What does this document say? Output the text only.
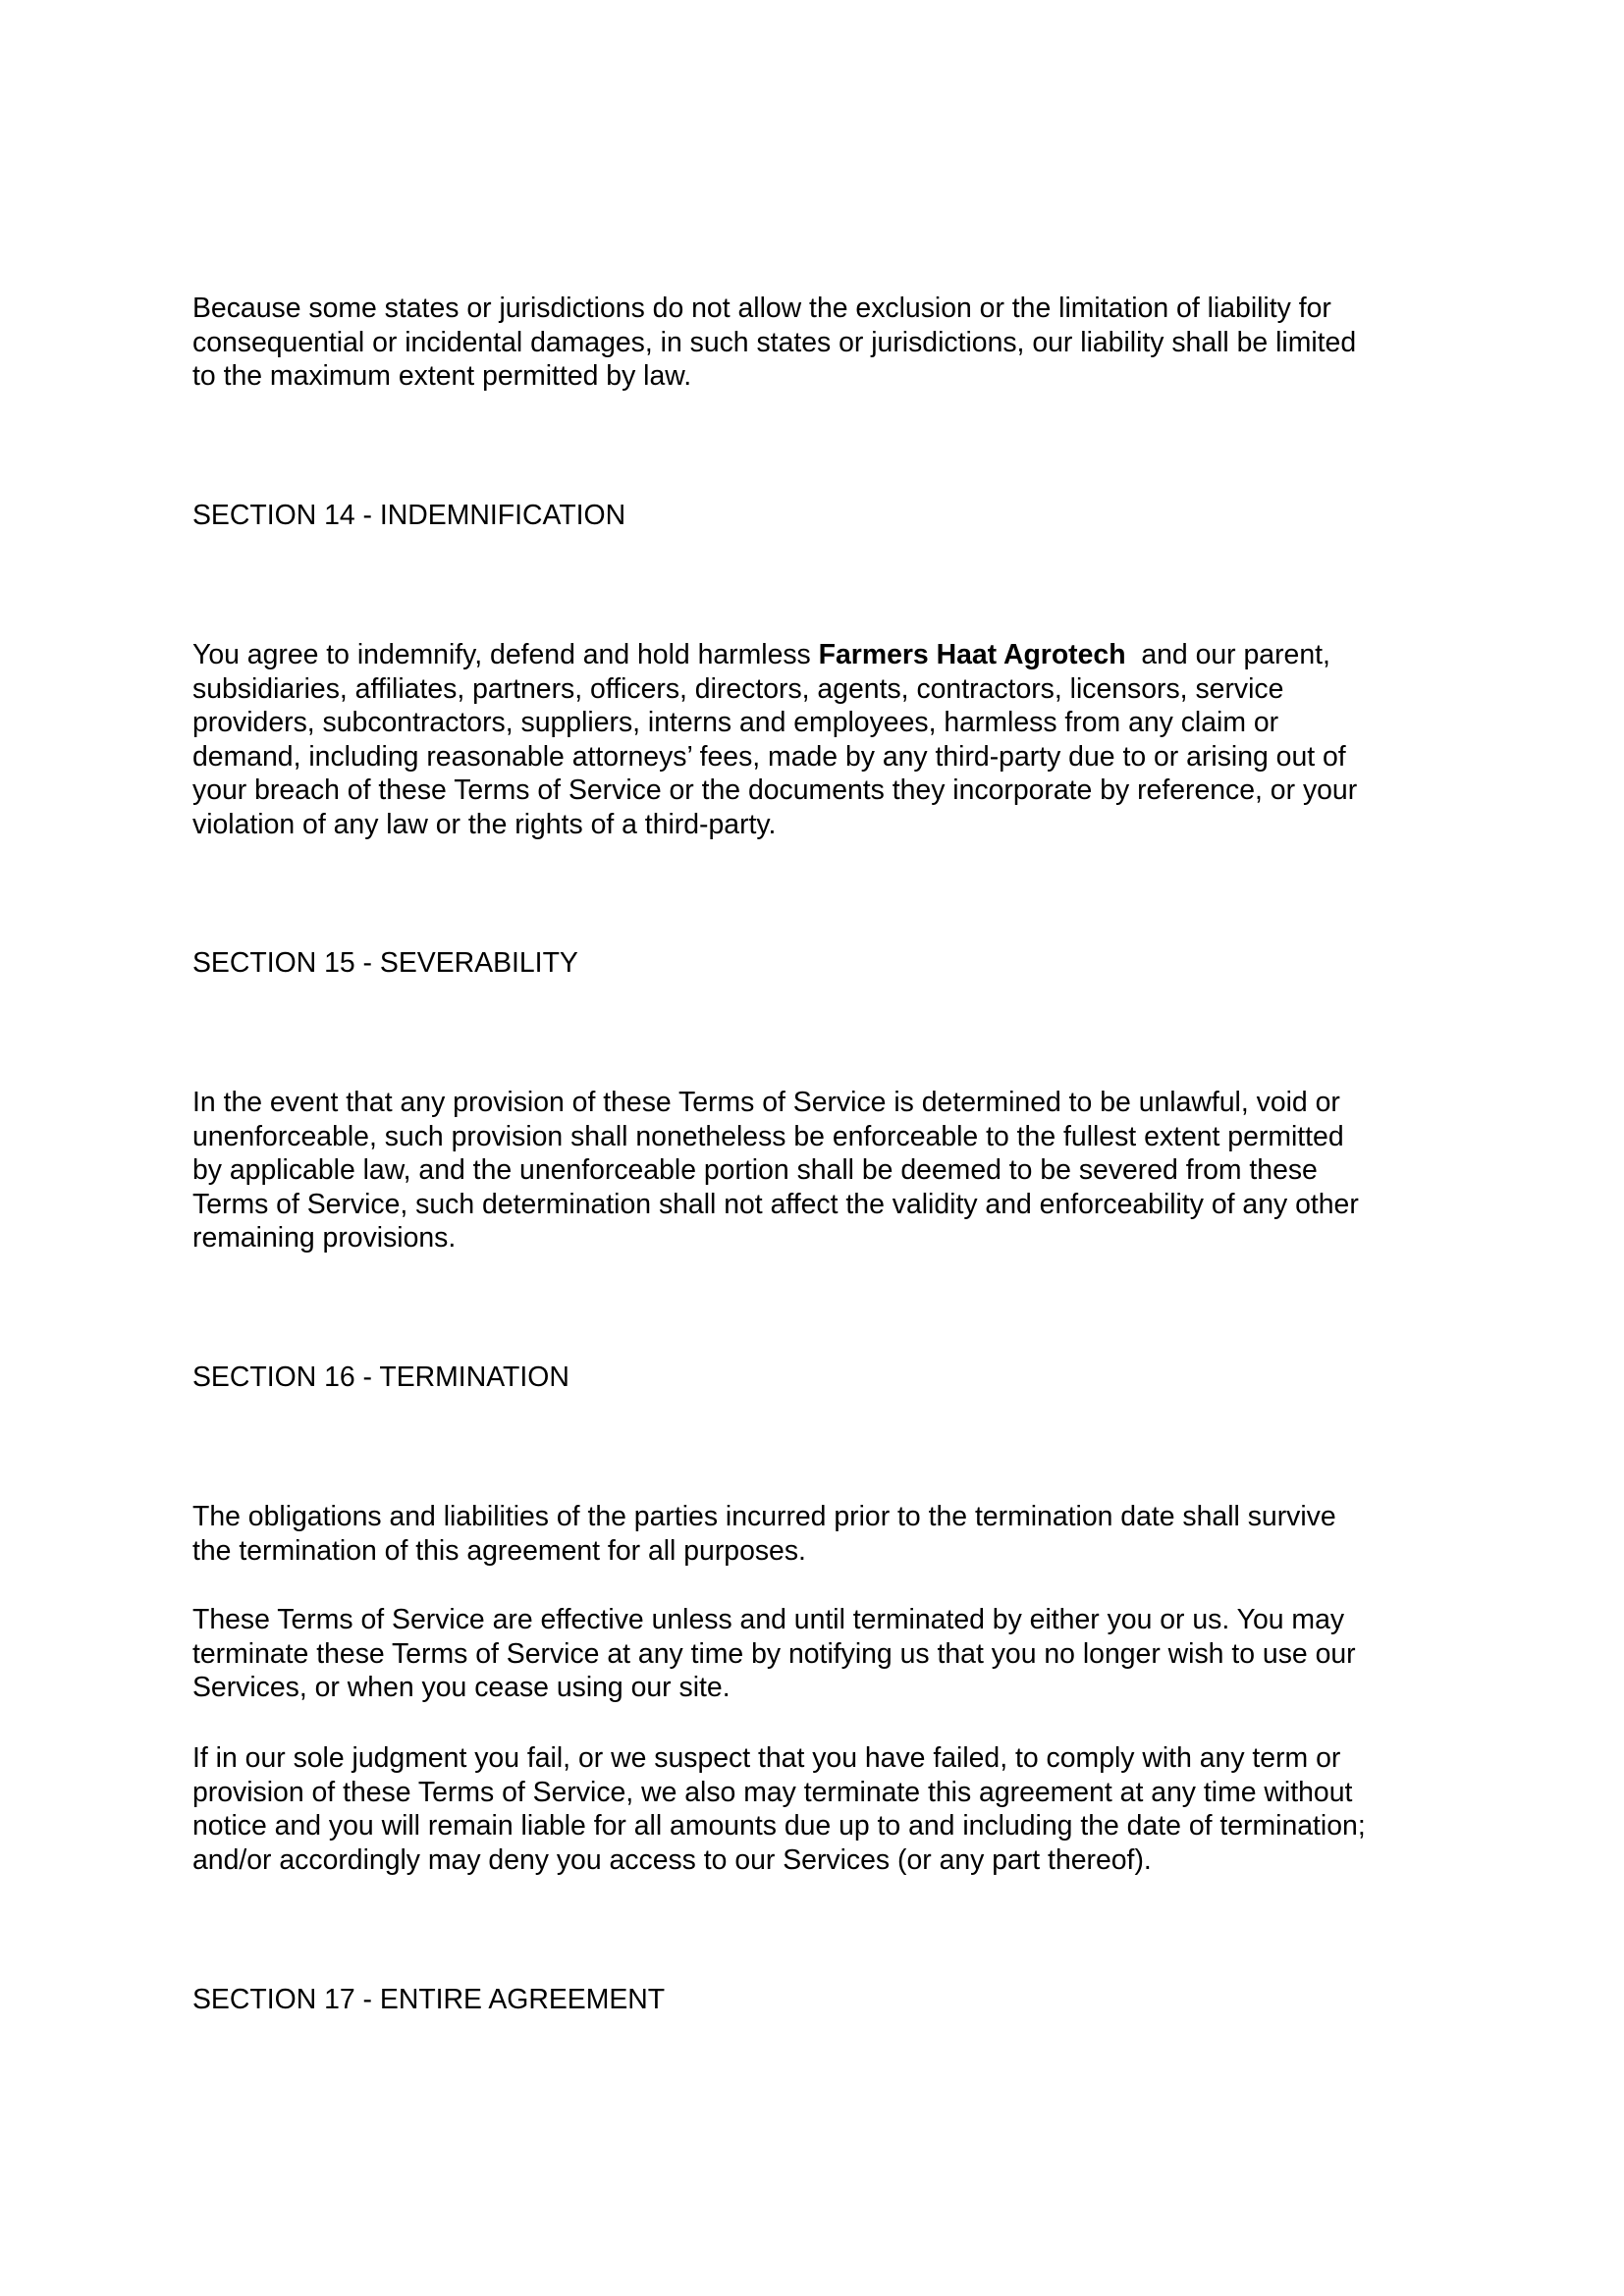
Because some states or jurisdictions do not allow the exclusion or the limitation of liability for

consequential or incidental damages, in such states or jurisdictions, our liability shall be limited

to the maximum extent permitted by law.

SECTION 14 - INDEMNIFICATION

You agree to indemnify, defend and hold harmless Farmers Haat Agrotech  and our parent,

subsidiaries, affiliates, partners, officers, directors, agents, contractors, licensors, service

providers, subcontractors, suppliers, interns and employees, harmless from any claim or

demand, including reasonable attorneys’ fees, made by any third-party due to or arising out of

your breach of these Terms of Service or the documents they incorporate by reference, or your

violation of any law or the rights of a third-party.

SECTION 15 - SEVERABILITY

In the event that any provision of these Terms of Service is determined to be unlawful, void or

unenforceable, such provision shall nonetheless be enforceable to the fullest extent permitted

by applicable law, and the unenforceable portion shall be deemed to be severed from these

Terms of Service, such determination shall not affect the validity and enforceability of any other

remaining provisions.

SECTION 16 - TERMINATION

The obligations and liabilities of the parties incurred prior to the termination date shall survive

the termination of this agreement for all purposes.

These Terms of Service are effective unless and until terminated by either you or us. You may

terminate these Terms of Service at any time by notifying us that you no longer wish to use our

Services, or when you cease using our site.

If in our sole judgment you fail, or we suspect that you have failed, to comply with any term or

provision of these Terms of Service, we also may terminate this agreement at any time without

notice and you will remain liable for all amounts due up to and including the date of termination;

and/or accordingly may deny you access to our Services (or any part thereof).

SECTION 17 - ENTIRE AGREEMENT
